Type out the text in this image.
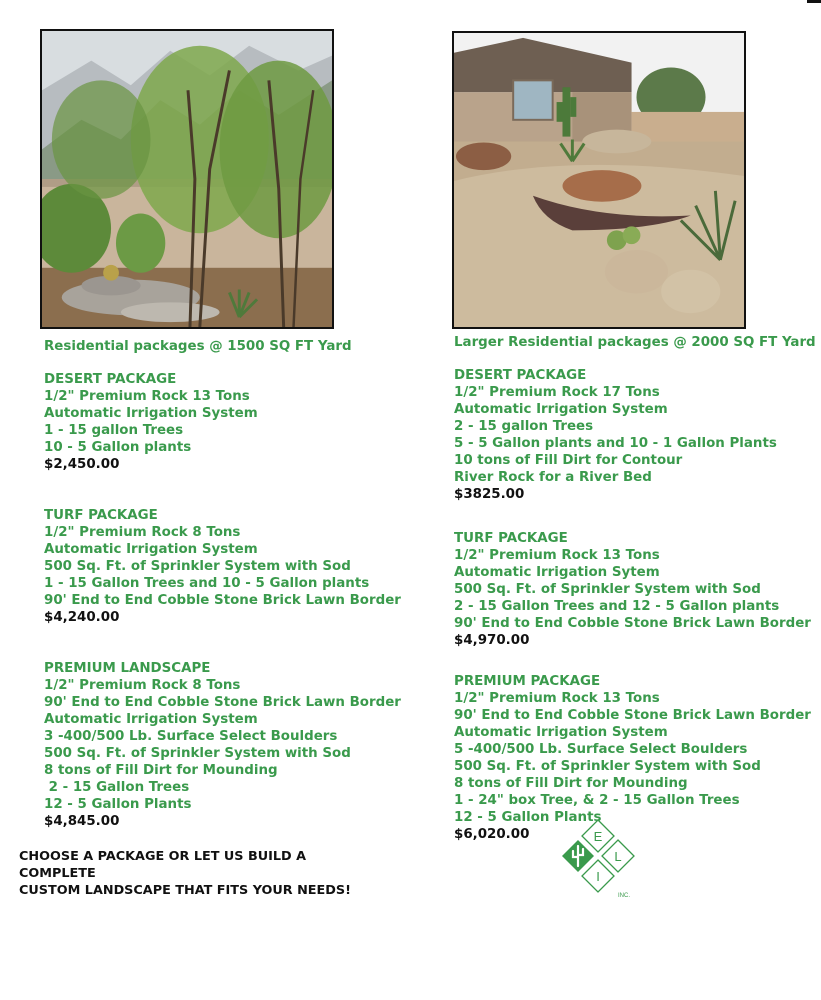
Residential packages @ 1500 SQ FT Yard
DESERT PACKAGE
1/2" Premium Rock 13 Tons
Automatic Irrigation System
1 - 15 gallon Trees
10 - 5 Gallon plants
$2,450.00
TURF PACKAGE
1/2" Premium Rock 8 Tons
Automatic Irrigation System
500 Sq. Ft. of Sprinkler System with Sod
1 - 15 Gallon Trees and 10 - 5 Gallon plants
90' End to End Cobble Stone Brick Lawn Border
$4,240.00
PREMIUM LANDSCAPE
1/2" Premium Rock 8 Tons
90' End to End Cobble Stone Brick Lawn Border
Automatic Irrigation System
3 -400/500 Lb. Surface Select Boulders
500 Sq. Ft. of Sprinkler System with Sod
8 tons of Fill Dirt for Mounding
2 - 15 Gallon Trees
12 - 5 Gallon Plants
$4,845.00
Larger Residential packages @ 2000 SQ FT Yard
DESERT PACKAGE
1/2" Premium Rock 17 Tons
Automatic Irrigation System
2 - 15 gallon Trees
5 - 5 Gallon plants and 10 - 1 Gallon Plants
10 tons of Fill Dirt for Contour
River Rock for a River Bed
$3825.00
TURF PACKAGE
1/2" Premium Rock 13 Tons
Automatic Irrigation Sytem
500 Sq. Ft. of Sprinkler System with Sod
2 - 15 Gallon Trees and 12 - 5 Gallon plants
90' End to End Cobble Stone Brick Lawn Border
$4,970.00
PREMIUM PACKAGE
1/2" Premium Rock 13 Tons
90' End to End Cobble Stone Brick Lawn Border
Automatic Irrigation System
5 -400/500 Lb. Surface Select Boulders
500 Sq. Ft. of Sprinkler System with Sod
8 tons of Fill Dirt for Mounding
1 - 24" box Tree, & 2 - 15 Gallon Trees
12 - 5 Gallon Plants
$6,020.00
CHOOSE A PACKAGE OR LET US BUILD A COMPLETE
CUSTOM LANDSCAPE THAT FITS YOUR NEEDS!
E
L
I
INC.
